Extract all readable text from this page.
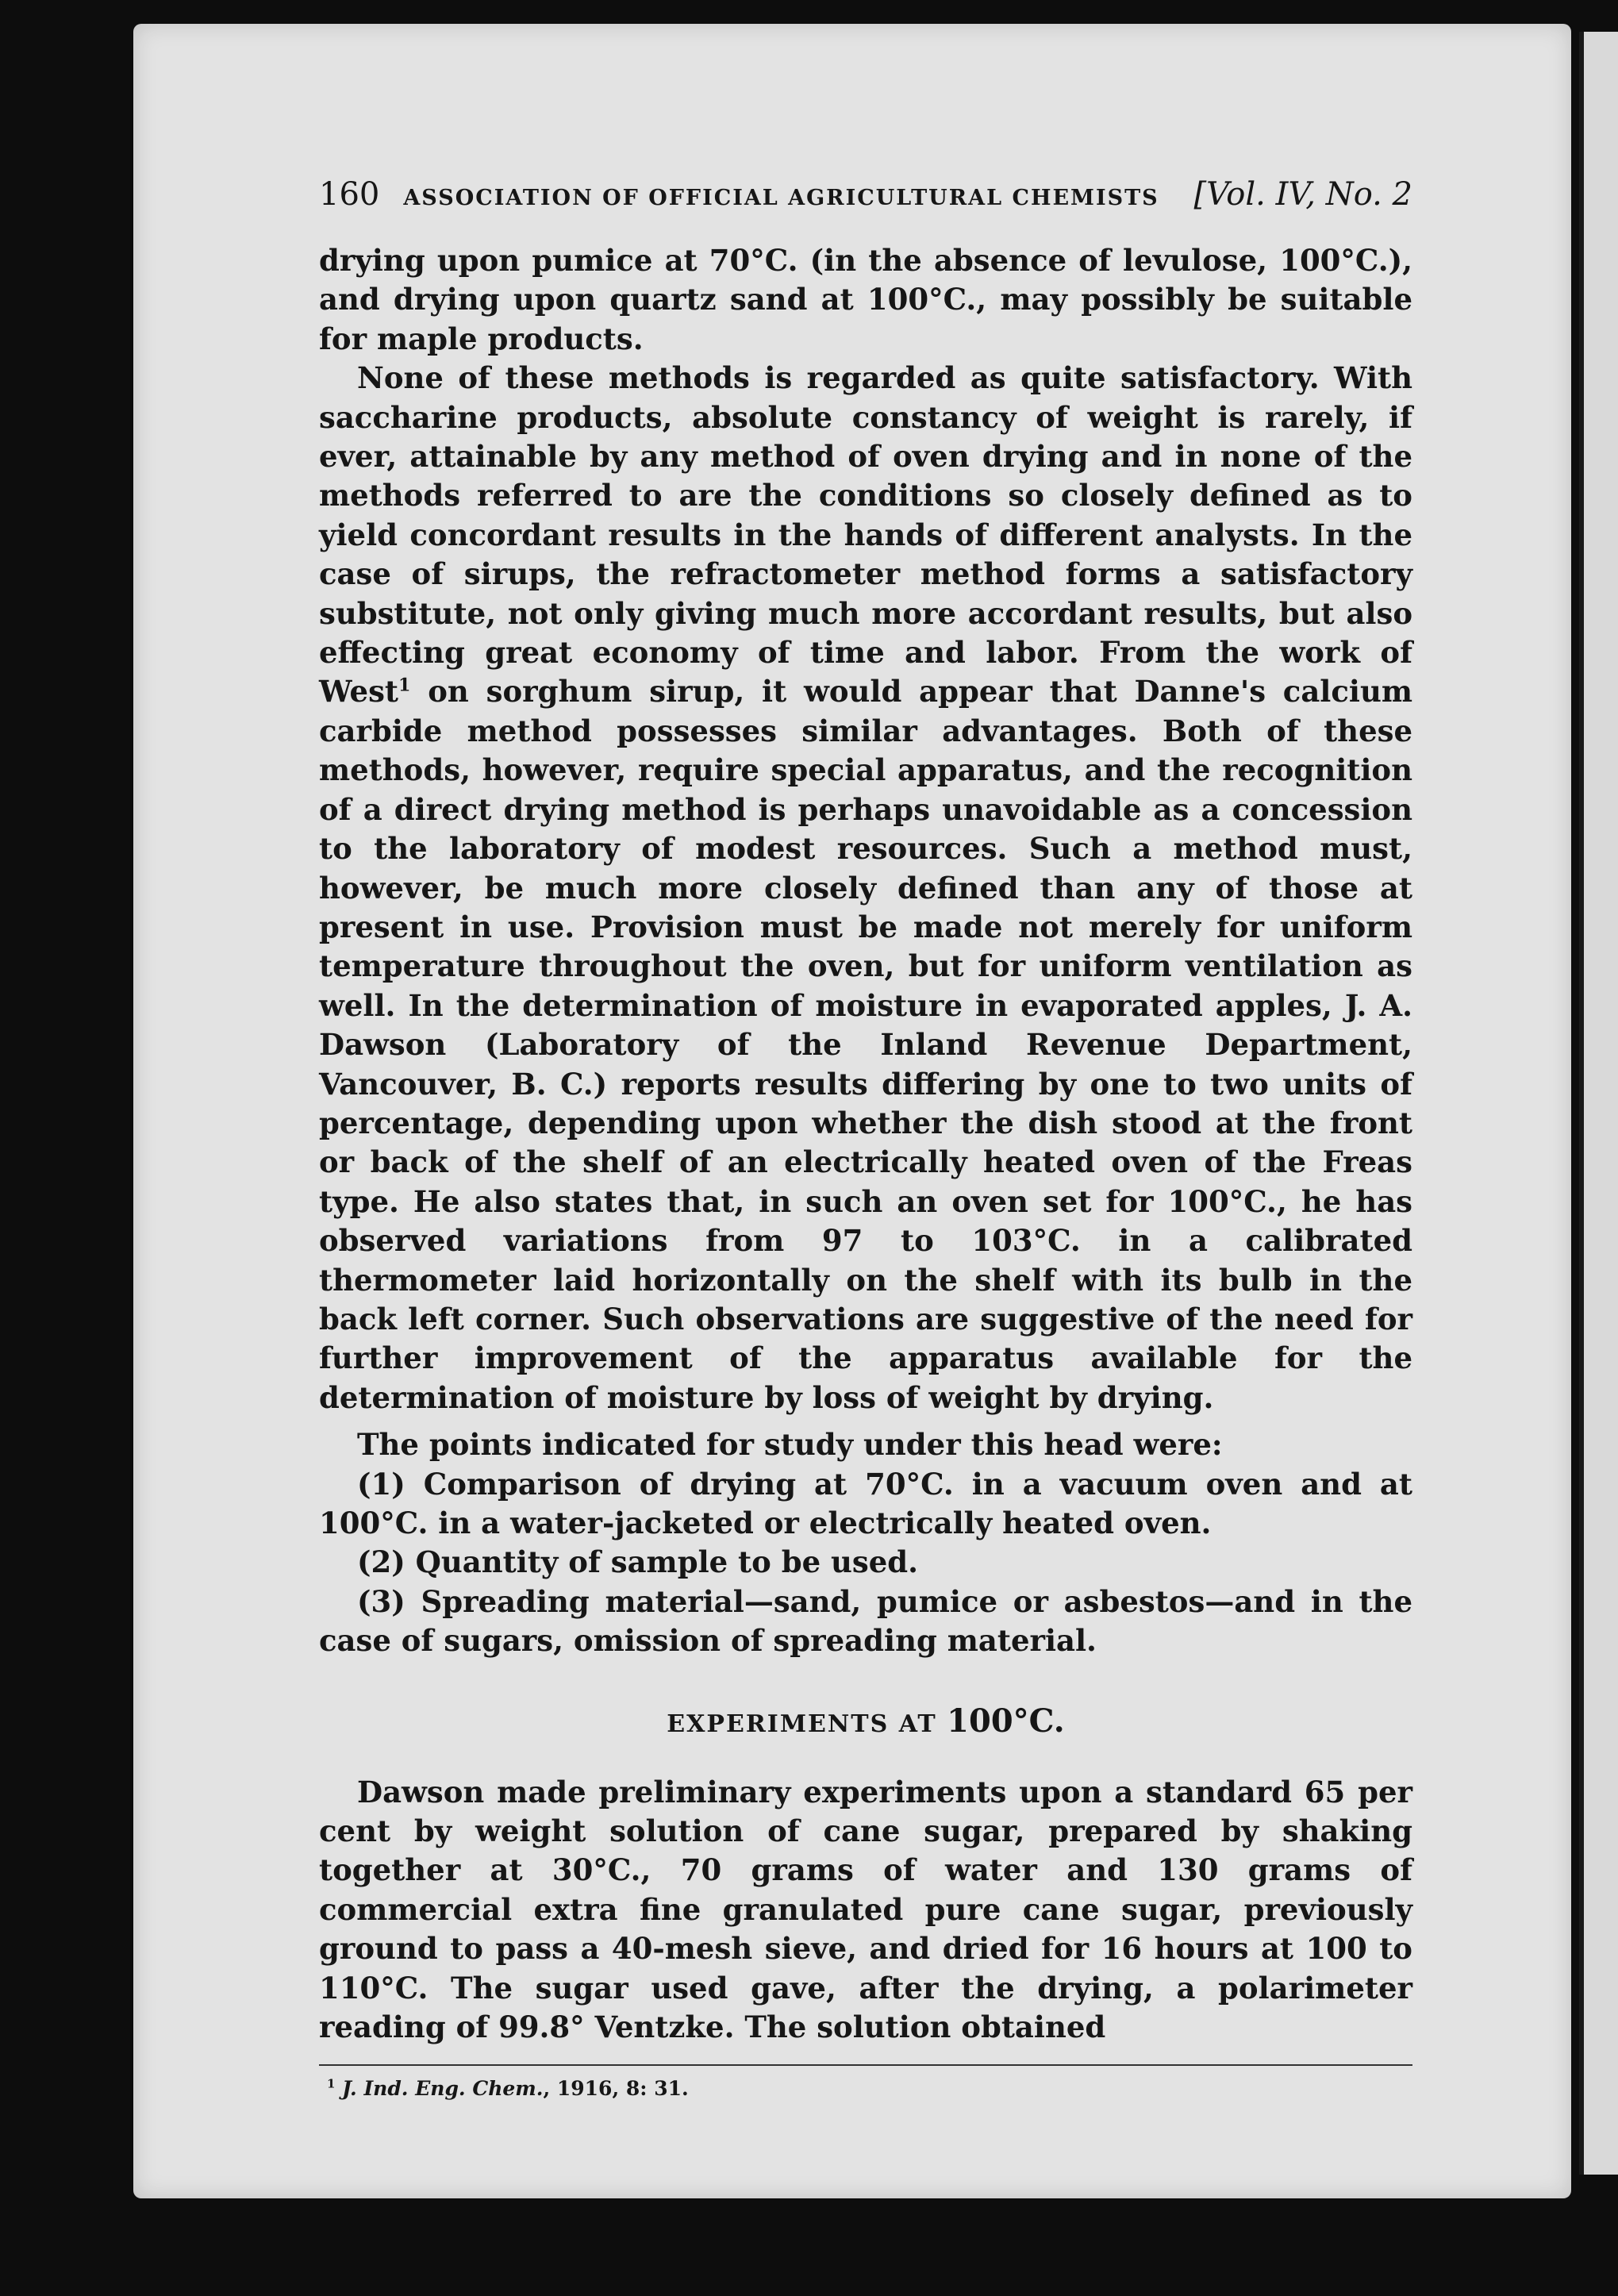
160 ASSOCIATION OF OFFICIAL AGRICULTURAL CHEMISTS	[Vol. IV, No. 2

drying upon pumice at 70°C. (in the absence of levulose, 100°C.), and drying upon quartz sand at 100°C., may possibly be suitable for maple products.

None of these methods is regarded as quite satisfactory. With saccharine products, absolute constancy of weight is rarely, if ever, attainable by any method of oven drying and in none of the methods referred to are the conditions so closely defined as to yield concordant results in the hands of different analysts. In the case of sirups, the refractometer method forms a satisfactory substitute, not only giving much more accordant results, but also effecting great economy of time and labor. From the work of West$^1$ on sorghum sirup, it would appear that Danne's calcium carbide method possesses similar advantages. Both of these methods, however, require special apparatus, and the recognition of a direct drying method is perhaps unavoidable as a concession to the laboratory of modest resources. Such a method must, however, be much more closely defined than any of those at present in use. Provision must be made not merely for uniform temperature throughout the oven, but for uniform ventilation as well. In the determination of moisture in evaporated apples, J. A. Dawson (Laboratory of the Inland Revenue Department, Vancouver, B. C.) reports results differing by one to two units of percentage, depending upon whether the dish stood at the front or back of the shelf of an electrically heated oven of the Freas type. He also states that, in such an oven set for 100°C., he has observed variations from 97 to 103°C. in a calibrated thermometer laid horizontally on the shelf with its bulb in the back left corner. Such observations are suggestive of the need for further improvement of the apparatus available for the determination of moisture by loss of weight by drying.

The points indicated for study under this head were:

(1) Comparison of drying at 70°C. in a vacuum oven and at 100°C. in a water-jacketed or electrically heated oven.

(2) Quantity of sample to be used.

(3) Spreading material—sand, pumice or asbestos—and in the case of sugars, omission of spreading material.

EXPERIMENTS AT 100°C.

Dawson made preliminary experiments upon a standard 65 per cent by weight solution of cane sugar, prepared by shaking together at 30°C., 70 grams of water and 130 grams of commercial extra fine granulated pure cane sugar, previously ground to pass a 40-mesh sieve, and dried for 16 hours at 100 to 110°C. The sugar used gave, after the drying, a polarimeter reading of 99.8° Ventzke. The solution obtained

$^1$ J. Ind. Eng. Chem., 1916, 8: 31.
